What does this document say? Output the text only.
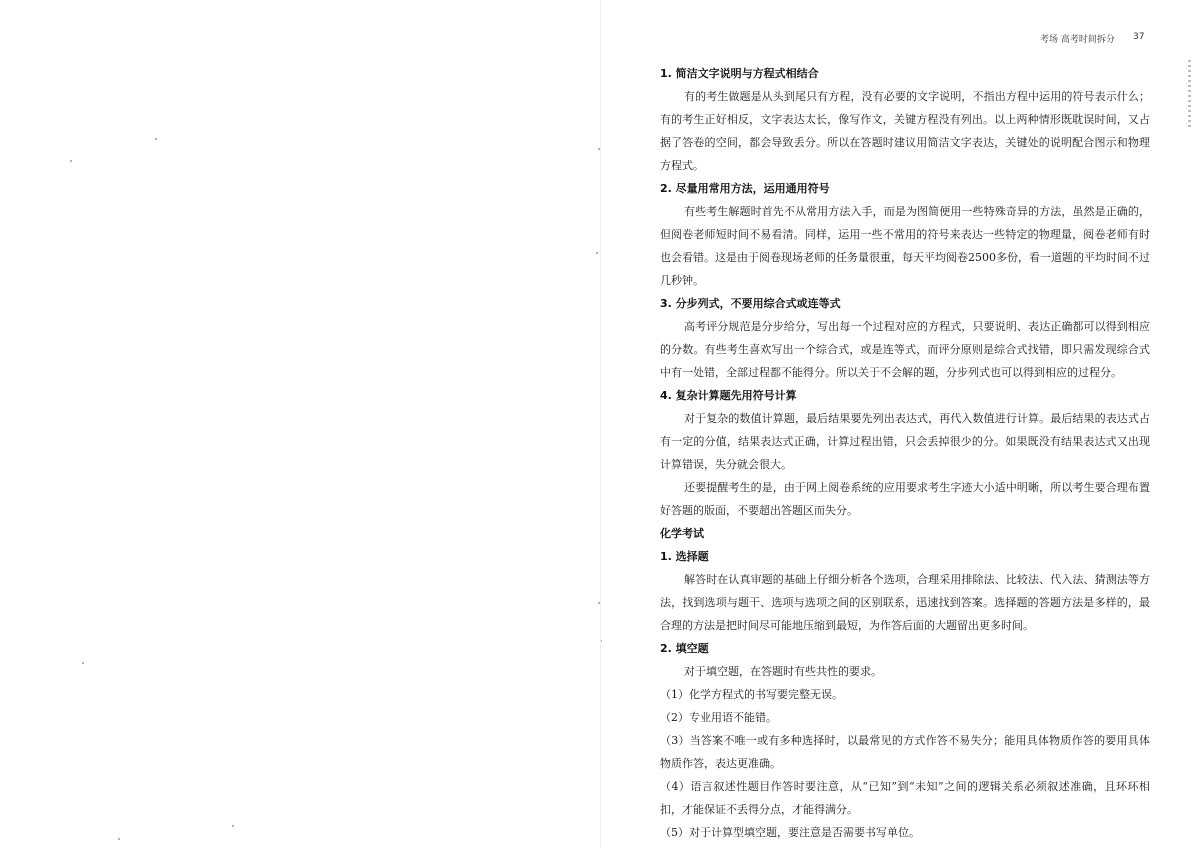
考场 高考时间拆分 37

1. 简洁文字说明与方程式相结合

有的考生做题是从头到尾只有方程，没有必要的文字说明，不指出方程中运用的符号表示什么；有的考生正好相反，文字表达太长，像写作文，关键方程没有列出。以上两种情形既耽误时间，又占据了答卷的空间，都会导致丢分。所以在答题时建议用简洁文字表达，关键处的说明配合图示和物理方程式。

2. 尽量用常用方法，运用通用符号

有些考生解题时首先不从常用方法入手，而是为图简便用一些特殊奇异的方法，虽然是正确的，但阅卷老师短时间不易看清。同样，运用一些不常用的符号来表达一些特定的物理量，阅卷老师有时也会看错。这是由于阅卷现场老师的任务量很重，每天平均阅卷2500多份，看一道题的平均时间不过几秒钟。

3. 分步列式，不要用综合式或连等式

高考评分规范是分步给分，写出每一个过程对应的方程式，只要说明、表达正确都可以得到相应的分数。有些考生喜欢写出一个综合式，或是连等式，而评分原则是综合式找错，即只需发现综合式中有一处错，全部过程都不能得分。所以关于不会解的题，分步列式也可以得到相应的过程分。

4. 复杂计算题先用符号计算

对于复杂的数值计算题，最后结果要先列出表达式，再代入数值进行计算。最后结果的表达式占有一定的分值，结果表达式正确，计算过程出错，只会丢掉很少的分。如果既没有结果表达式又出现计算错误，失分就会很大。

还要提醒考生的是，由于网上阅卷系统的应用要求考生字迹大小适中明晰，所以考生要合理布置好答题的版面，不要超出答题区而失分。

化学考试

1. 选择题

解答时在认真审题的基础上仔细分析各个选项，合理采用排除法、比较法、代入法、猜测法等方法，找到选项与题干、选项与选项之间的区别联系，迅速找到答案。选择题的答题方法是多样的，最合理的方法是把时间尽可能地压缩到最短，为作答后面的大题留出更多时间。

2. 填空题

对于填空题，在答题时有些共性的要求。

（1）化学方程式的书写要完整无误。

（2）专业用语不能错。

（3）当答案不唯一或有多种选择时，以最常见的方式作答不易失分；能用具体物质作答的要用具体物质作答，表达更准确。

（4）语言叙述性题目作答时要注意，从“已知”到“未知”之间的逻辑关系必须叙述准确，且环环相扣，才能保证不丢得分点，才能得满分。

（5）对于计算型填空题，要注意是否需要书写单位。
